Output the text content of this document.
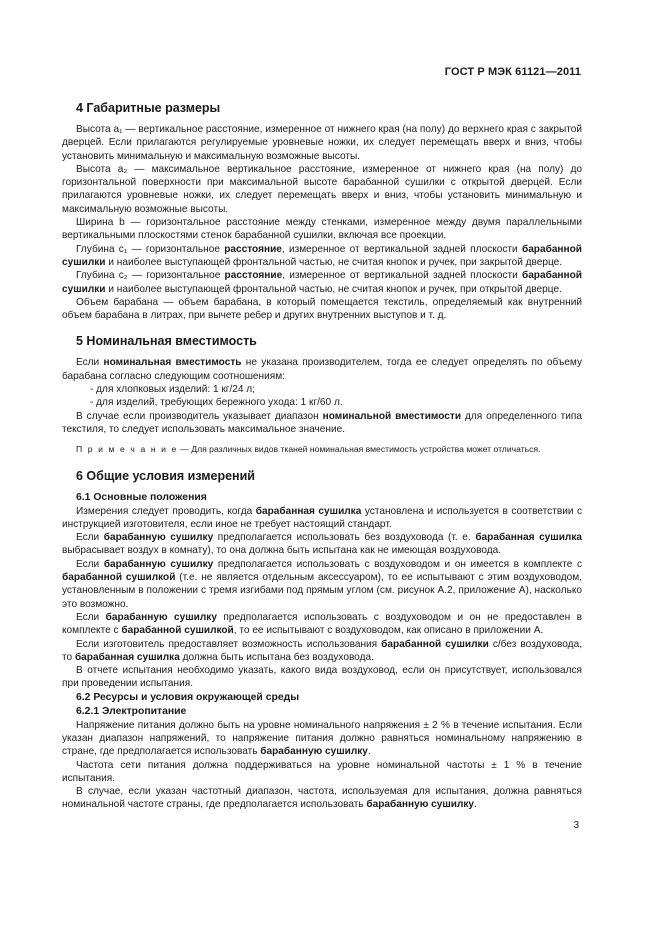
ГОСТ Р МЭК 61121—2011
4 Габаритные размеры

Высота a₁ — вертикальное расстояние, измеренное от нижнего края (на полу) до верхнего края с закрытой дверцей. Если прилагаются регулируемые уровневые ножки, их следует перемещать вверх и вниз, чтобы установить минимальную и максимальную возможные высоты.

Высота a₂ — максимальное вертикальное расстояние, измеренное от нижнего края (на полу) до горизонтальной поверхности при максимальной высоте барабанной сушилки с открытой дверцей. Если прилагаются уровневые ножки, их следует перемещать вверх и вниз, чтобы установить минимальную и максимальную возможные высоты.

Ширина b — горизонтальное расстояние между стенками, измеренное между двумя параллельными вертикальными плоскостями стенок барабанной сушилки, включая все проекции.

Глубина c₁ — горизонтальное расстояние, измеренное от вертикальной задней плоскости барабанной сушилки и наиболее выступающей фронтальной частью, не считая кнопок и ручек, при закрытой дверце.

Глубина c₂ — горизонтальное расстояние, измеренное от вертикальной задней плоскости барабанной сушилки и наиболее выступающей фронтальной частью, не считая кнопок и ручек, при открытой дверце.

Объем барабана — объем барабана, в который помещается текстиль, определяемый как внутренний объем барабана в литрах, при вычете ребер и других внутренних выступов и т. д.

5 Номинальная вместимость

Если номинальная вместимость не указана производителем, тогда ее следует определять по объему барабана согласно следующим соотношениям:

- для хлопковых изделий: 1 кг/24 л;

- для изделий, требующих бережного ухода: 1 кг/60 л.

В случае если производитель указывает диапазон номинальной вместимости для определенного типа текстиля, то следует использовать максимальное значение.

П р и м е ч а н и е — Для различных видов тканей номинальная вместимость устройства может отличаться.

6 Общие условия измерений
6.1 Основные положения

Измерения следует проводить, когда барабанная сушилка установлена и используется в соответствии с инструкцией изготовителя, если иное не требует настоящий стандарт.

Если барабанную сушилку предполагается использовать без воздуховода (т. е. барабанная сушилка выбрасывает воздух в комнату), то она должна быть испытана как не имеющая воздуховода.

Если барабанную сушилку предполагается использовать с воздуховодом и он имеется в комплекте с барабанной сушилкой (т.е. не является отдельным аксессуаром), то ее испытывают с этим воздуховодом, установленным в положении с тремя изгибами под прямым углом (см. рисунок А.2, приложение А), насколько это возможно.

Если барабанную сушилку предполагается использовать с воздуховодом и он не предоставлен в комплекте с барабанной сушилкой, то ее испытывают с воздуховодом, как описано в приложении А.

Если изготовитель предоставляет возможность использования барабанной сушилки с/без воздуховода, то барабанная сушилка должна быть испытана без воздуховода.

В отчете испытания необходимо указать, какого вида воздуховод, если он присутствует, использовался при проведении испытания.

6.2 Ресурсы и условия окружающей среды
6.2.1 Электропитание

Напряжение питания должно быть на уровне номинального напряжения ± 2 % в течение испытания. Если указан диапазон напряжений, то напряжение питания должно равняться номинальному напряжению в стране, где предполагается использовать барабанную сушилку.

Частота сети питания должна поддерживаться на уровне номинальной частоты ± 1 % в течение испытания.

В случае, если указан частотный диапазон, частота, используемая для испытания, должна равняться номинальной частоте страны, где предполагается использовать барабанную сушилку.

3
